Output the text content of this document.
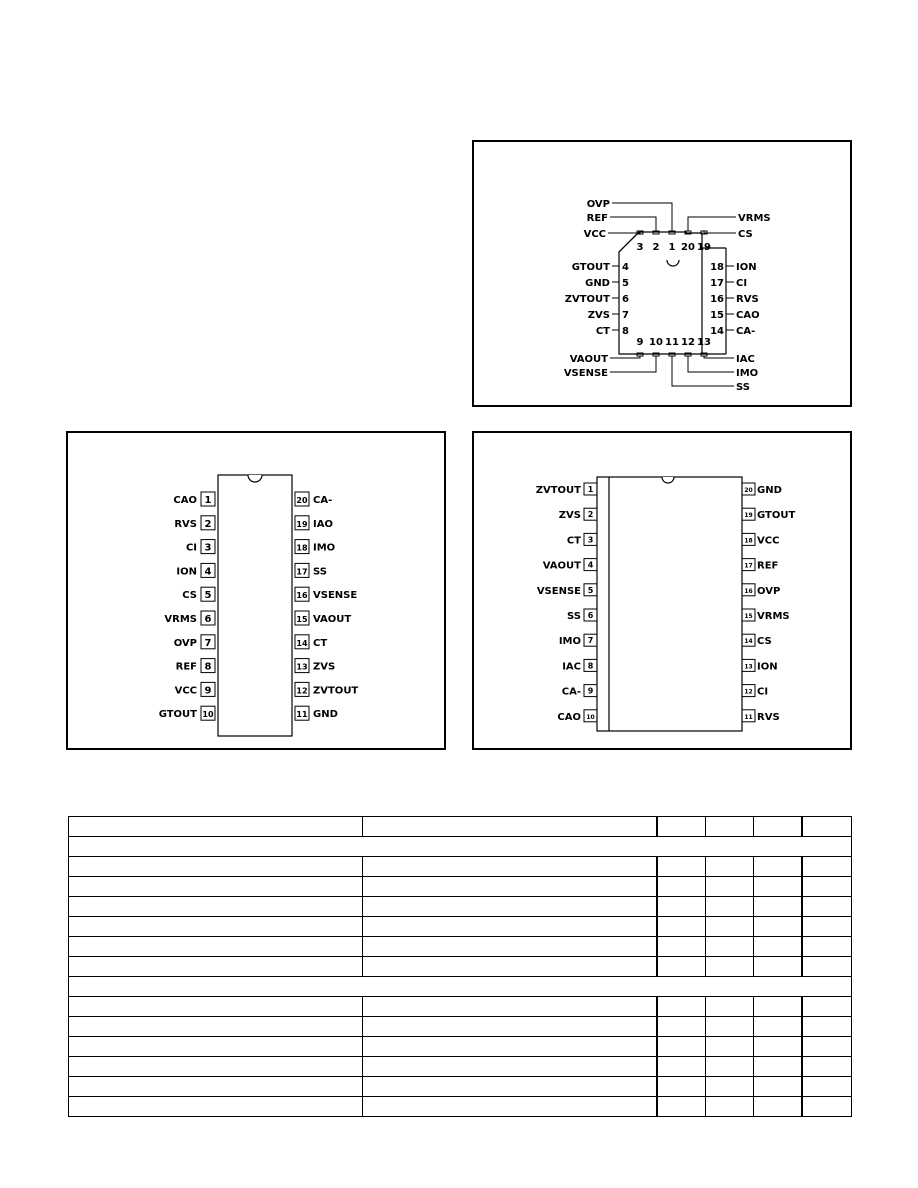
3
VCC
2
REF
1
OVP
20
VRMS
19
CS
4
GTOUT
5
GND
6
ZVTOUT
7
ZVS
8
CT
18 ION
17 CI
16 RVS
15 CAO
14 CA-
9 10 11 12 13
VAOUT
VSENSE
SS
IMO
IAC
1
CAO
2
RVS
3
CI
4
ION
5
CS
6
VRMS
7
OVP
8
REF
9
VCC
10
GTOUT
20 CA-
19 IAO
18 IMO
17 SS
16 VSENSE
15 VAOUT
14 CT
13 ZVS
12 ZVTOUT
11 GND
1
ZVTOUT
2
ZVS
3
CT
4
VAOUT
5
VSENSE
6
SS
7
IMO
8
IAC
9
CA-
10
CAO
20 GND
19 GTOUT
18 VCC
17 REF
16 OVP
15 VRMS
14 CS
13 ION
12 CI
11 RVS
